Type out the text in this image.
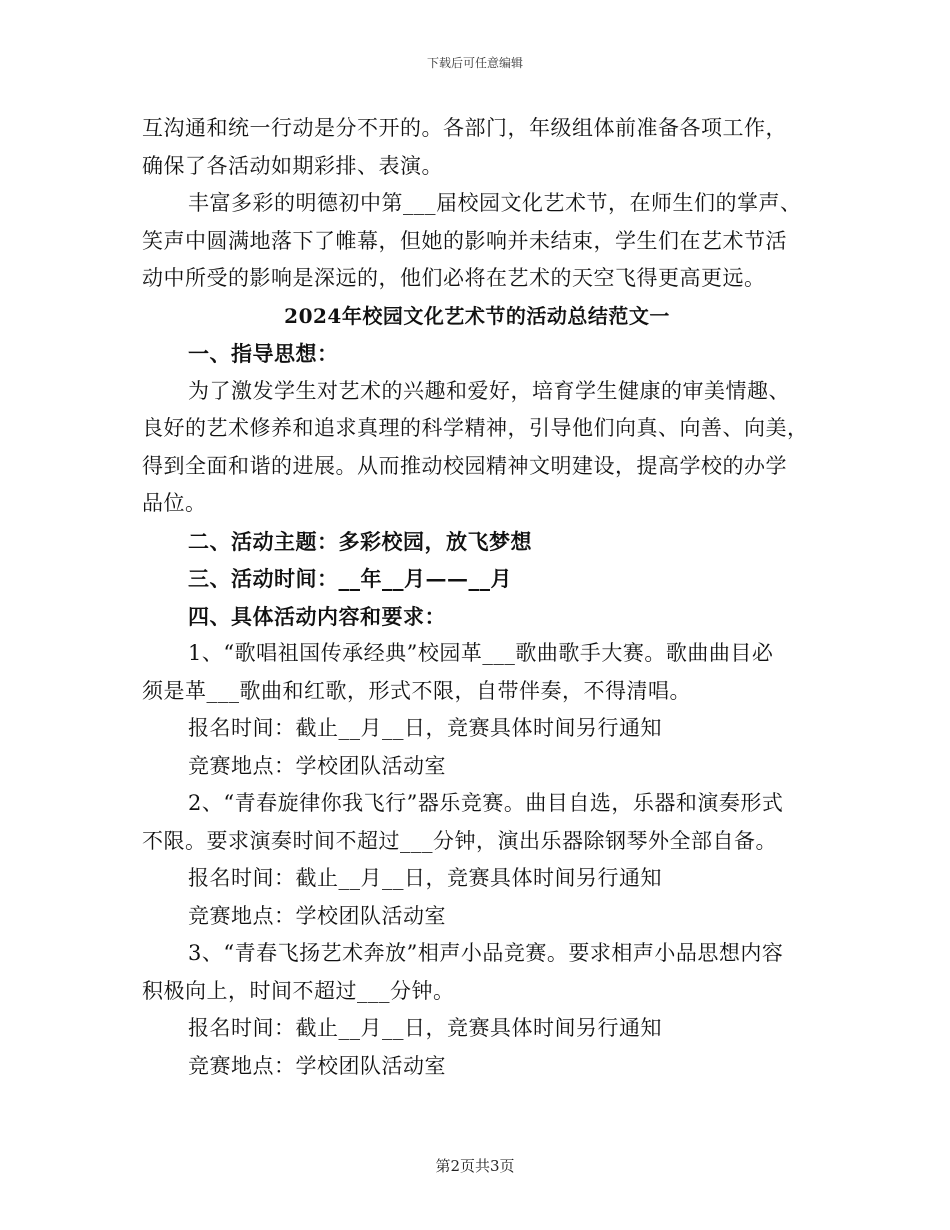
下载后可任意编辑
互沟通和统一行动是分不开的。各部门，年级组体前准备各项工作，
确保了各活动如期彩排、表演。
丰富多彩的明德初中第___届校园文化艺术节，在师生们的掌声、
笑声中圆满地落下了帷幕，但她的影响并未结束，学生们在艺术节活
动中所受的影响是深远的，他们必将在艺术的天空飞得更高更远。
2024年校园文化艺术节的活动总结范文一
一、指导思想：
为了激发学生对艺术的兴趣和爱好，培育学生健康的审美情趣、
良好的艺术修养和追求真理的科学精神，引导他们向真、向善、向美，
得到全面和谐的进展。从而推动校园精神文明建设，提高学校的办学
品位。
二、活动主题：多彩校园，放飞梦想
三、活动时间：__年__月——__月
四、具体活动内容和要求：
1、“歌唱祖国传承经典”校园革___歌曲歌手大赛。歌曲曲目必
须是革___歌曲和红歌，形式不限，自带伴奏，不得清唱。
报名时间：截止__月__日，竞赛具体时间另行通知
竞赛地点：学校团队活动室
2、“青春旋律你我飞行”器乐竞赛。曲目自选，乐器和演奏形式
不限。要求演奏时间不超过___分钟，演出乐器除钢琴外全部自备。
报名时间：截止__月__日，竞赛具体时间另行通知
竞赛地点：学校团队活动室
3、“青春飞扬艺术奔放”相声小品竞赛。要求相声小品思想内容
积极向上，时间不超过___分钟。
报名时间：截止__月__日，竞赛具体时间另行通知
竞赛地点：学校团队活动室
第2页共3页
